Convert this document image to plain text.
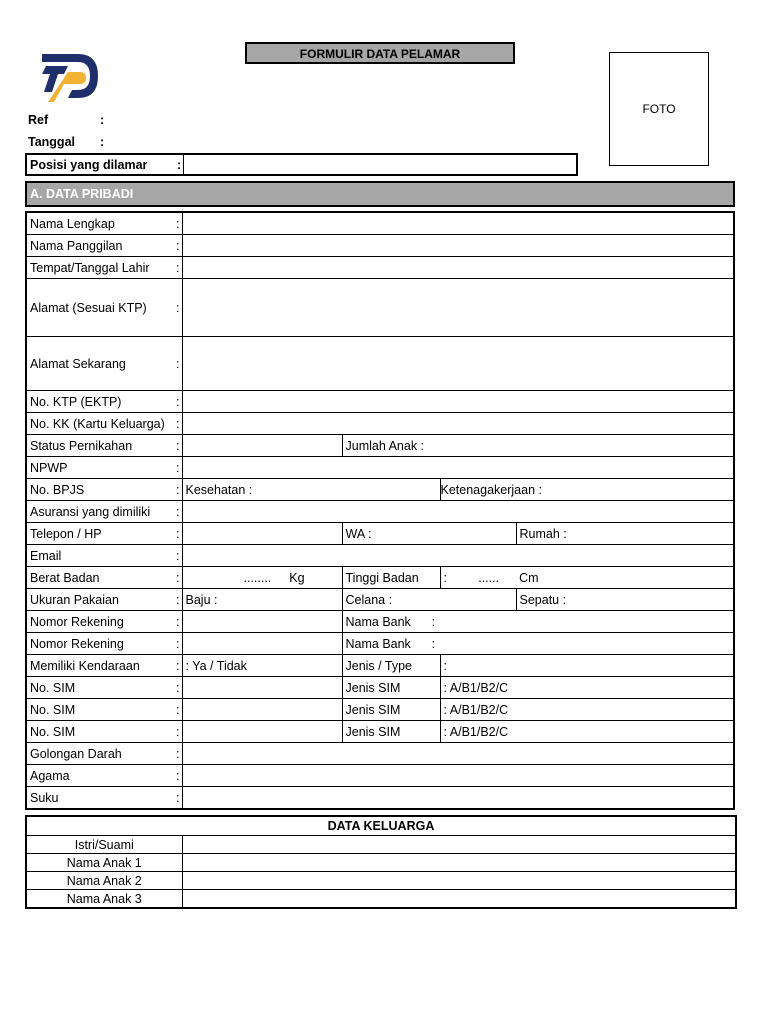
FORMULIR DATA PELAMAR
FOTO
Ref	:
Tanggal :
Posisi yang dilamar :
A. DATA PRIBADI
Nama Lengkap :				

Nama Panggilan :				

Tempat/Tanggal Lahir :				

Alamat (Sesuai KTP) :				

Alamat Sekarang :				

No. KTP (EKTP) :				

No. KK (Kartu Keluarga) :				

Status Pernikahan :		Jumlah Anak :		
NPWP :				

No. BPJS :	Kesehatan :		Ketenagakerjaan :	
Asuransi yang dimiliki :				

Telepon / HP :		WA :		Rumah :
Email :				

Berat Badan :	........ Kg	Tinggi Badan	:         ...... Cm	
Ukuran Pakaian :	Baju :	Celana :		Sepatu :
Nomor Rekening :		Nama Bank      :		
Nomor Rekening :		Nama Bank      :		
Memiliki Kendaraan :	: Ya / Tidak	Jenis / Type	:	
No. SIM :		Jenis SIM	: A/B1/B2/C	
No. SIM :		Jenis SIM	: A/B1/B2/C	
No. SIM :		Jenis SIM	: A/B1/B2/C	
Golongan Darah :				

Agama :				

Suku :				

DATA KELUARGA	
Istri/Suami	
Nama Anak 1	
Nama Anak 2	
Nama Anak 3	
